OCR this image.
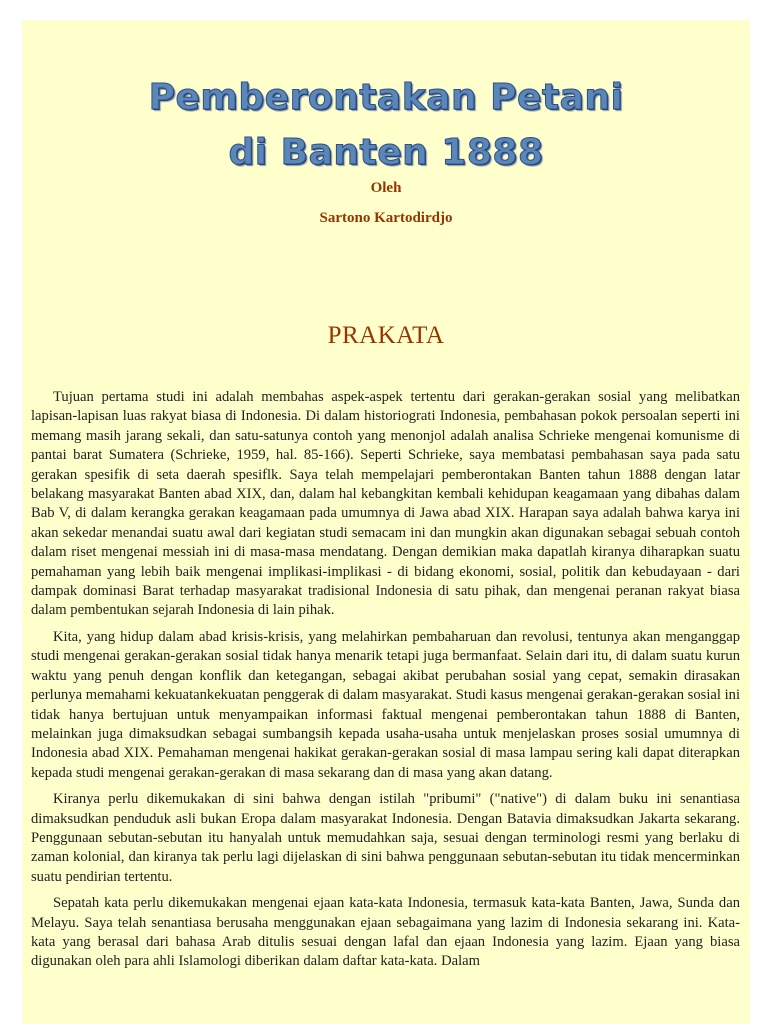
Pemberontakan Petani
di Banten 1888
Oleh
Sartono Kartodirdjo
PRAKATA

Tujuan pertama studi ini adalah membahas aspek-aspek tertentu dari gerakan-gerakan sosial yang melibatkan lapisan-lapisan luas rakyat biasa di Indonesia. Di dalam historiograti Indonesia, pembahasan pokok persoalan seperti ini memang masih jarang sekali, dan satu-satunya contoh yang menonjol adalah analisa Schrieke mengenai komunisme di pantai barat Sumatera (Schrieke, 1959, hal. 85-166). Seperti Schrieke, saya membatasi pembahasan saya pada satu gerakan spesifik di seta daerah spesiflk. Saya telah mempelajari pemberontakan Banten tahun 1888 dengan latar belakang masyarakat Banten abad XIX, dan, dalam hal kebangkitan kembali kehidupan keagamaan yang dibahas dalam Bab V, di dalam kerangka gerakan keagamaan pada umumnya di Jawa abad XIX. Harapan saya adalah bahwa karya ini akan sekedar menandai suatu awal dari kegiatan studi semacam ini dan mungkin akan digunakan sebagai sebuah contoh dalam riset mengenai messiah ini di masa-masa mendatang. Dengan demikian maka dapatlah kiranya diharapkan suatu pemahaman yang lebih baik mengenai implikasi-implikasi - di bidang ekonomi, sosial, politik dan kebudayaan - dari dampak dominasi Barat terhadap masyarakat tradisional Indonesia di satu pihak, dan mengenai peranan rakyat biasa dalam pembentukan sejarah Indonesia di lain pihak.

Kita, yang hidup dalam abad krisis-krisis, yang melahirkan pembaharuan dan revolusi, tentunya akan menganggap studi mengenai gerakan-gerakan sosial tidak hanya menarik tetapi juga bermanfaat. Selain dari itu, di dalam suatu kurun waktu yang penuh dengan konflik dan ketegangan, sebagai akibat perubahan sosial yang cepat, semakin dirasakan perlunya memahami kekuatankekuatan penggerak di dalam masyarakat. Studi kasus mengenai gerakan-gerakan sosial ini tidak hanya bertujuan untuk menyampaikan informasi faktual mengenai pemberontakan tahun 1888 di Banten, melainkan juga dimaksudkan sebagai sumbangsih kepada usaha-usaha untuk menjelaskan proses sosial umumnya di Indonesia abad XIX. Pemahaman mengenai hakikat gerakan-gerakan sosial di masa lampau sering kali dapat diterapkan kepada studi mengenai gerakan-gerakan di masa sekarang dan di masa yang akan datang.

Kiranya perlu dikemukakan di sini bahwa dengan istilah "pribumi" ("native") di dalam buku ini senantiasa dimaksudkan penduduk asli bukan Eropa dalam masyarakat Indonesia. Dengan Batavia dimaksudkan Jakarta sekarang. Penggunaan sebutan-sebutan itu hanyalah untuk memudahkan saja, sesuai dengan terminologi resmi yang berlaku di zaman kolonial, dan kiranya tak perlu lagi dijelaskan di sini bahwa penggunaan sebutan-sebutan itu tidak mencerminkan suatu pendirian tertentu.

Sepatah kata perlu dikemukakan mengenai ejaan kata-kata Indonesia, termasuk kata-kata Banten, Jawa, Sunda dan Melayu. Saya telah senantiasa berusaha menggunakan ejaan sebagaimana yang lazim di Indonesia sekarang ini. Kata-kata yang berasal dari bahasa Arab ditulis sesuai dengan lafal dan ejaan Indonesia yang lazim. Ejaan yang biasa digunakan oleh para ahli Islamologi diberikan dalam daftar kata-kata. Dalam
